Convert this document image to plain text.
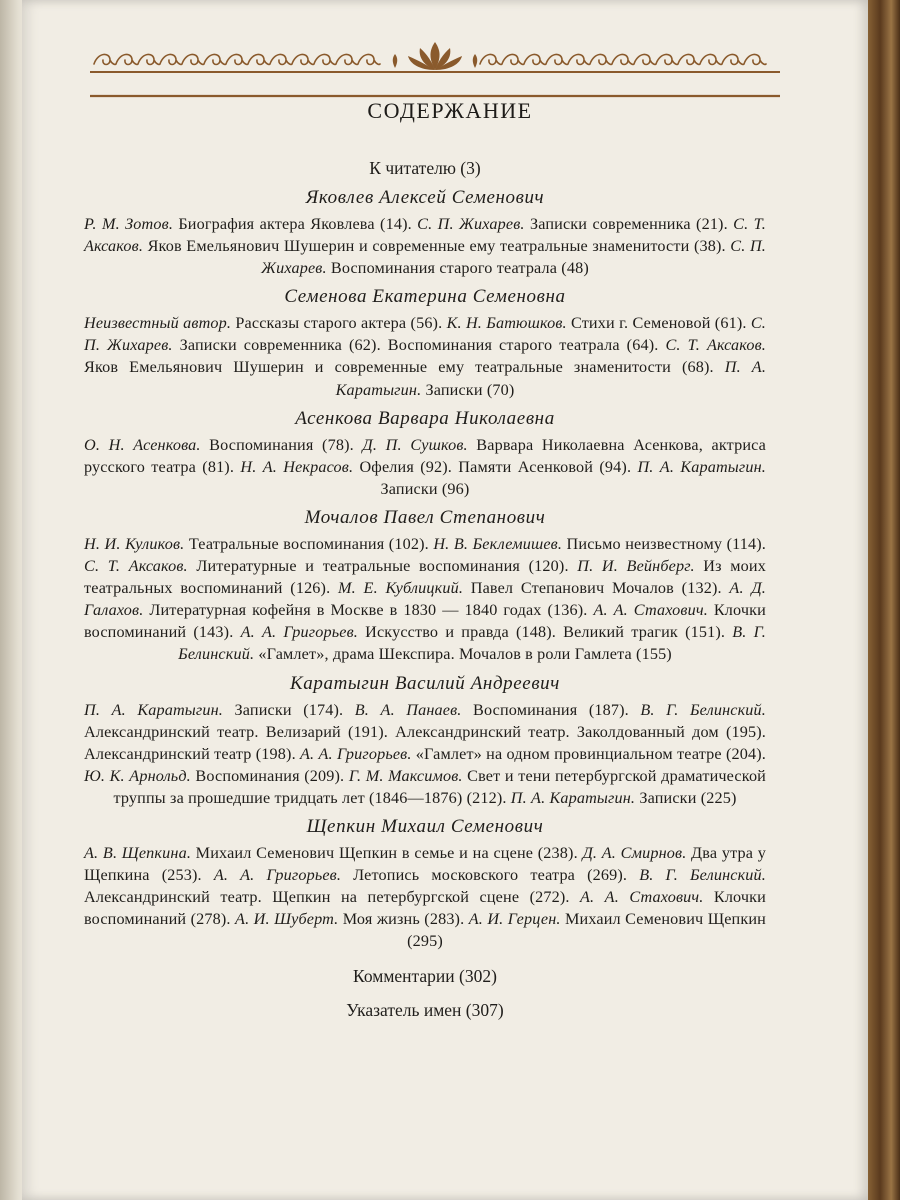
СОДЕРЖАНИЕ
К читателю (3)
Яковлев Алексей Семенович
Р. М. Зотов. Биография актера Яковлева (14). С. П. Жихарев. Записки современника (21). С. Т. Аксаков. Яков Емельянович Шушерин и современные ему театральные знаменитости (38). С. П. Жихарев. Воспоминания старого театрала (48)
Семенова Екатерина Семеновна
Неизвестный автор. Рассказы старого актера (56). К. Н. Батюшков. Стихи г. Семеновой (61). С. П. Жихарев. Записки современника (62). Воспоминания старого театрала (64). С. Т. Аксаков. Яков Емельянович Шушерин и современные ему театральные знаменитости (68). П. А. Каратыгин. Записки (70)
Асенкова Варвара Николаевна
О. Н. Асенкова. Воспоминания (78). Д. П. Сушков. Варвара Николаевна Асенкова, актриса русского театра (81). Н. А. Некрасов. Офелия (92). Памяти Асенковой (94). П. А. Каратыгин. Записки (96)
Мочалов Павел Степанович
Н. И. Куликов. Театральные воспоминания (102). Н. В. Беклемишев. Письмо неизвестному (114). С. Т. Аксаков. Литературные и театральные воспоминания (120). П. И. Вейнберг. Из моих театральных воспоминаний (126). М. Е. Кублицкий. Павел Степанович Мочалов (132). А. Д. Галахов. Литературная кофейня в Москве в 1830 — 1840 годах (136). А. А. Стахович. Клочки воспоминаний (143). А. А. Григорьев. Искусство и правда (148). Великий трагик (151). В. Г. Белинский. «Гамлет», драма Шекспира. Мочалов в роли Гамлета (155)
Каратыгин Василий Андреевич
П. А. Каратыгин. Записки (174). В. А. Панаев. Воспоминания (187). В. Г. Белинский. Александринский театр. Велизарий (191). Александринский театр. Заколдованный дом (195). Александринский театр (198). А. А. Григорьев. «Гамлет» на одном провинциальном театре (204). Ю. К. Арнольд. Воспоминания (209). Г. М. Максимов. Свет и тени петербургской драматической труппы за прошедшие тридцать лет (1846—1876) (212). П. А. Каратыгин. Записки (225)
Щепкин Михаил Семенович
А. В. Щепкина. Михаил Семенович Щепкин в семье и на сцене (238). Д. А. Смирнов. Два утра у Щепкина (253). А. А. Григорьев. Летопись московского театра (269). В. Г. Белинский. Александринский театр. Щепкин на петербургской сцене (272). А. А. Стахович. Клочки воспоминаний (278). А. И. Шуберт. Моя жизнь (283). А. И. Герцен. Михаил Семенович Щепкин (295)
Комментарии (302)
Указатель имен (307)
